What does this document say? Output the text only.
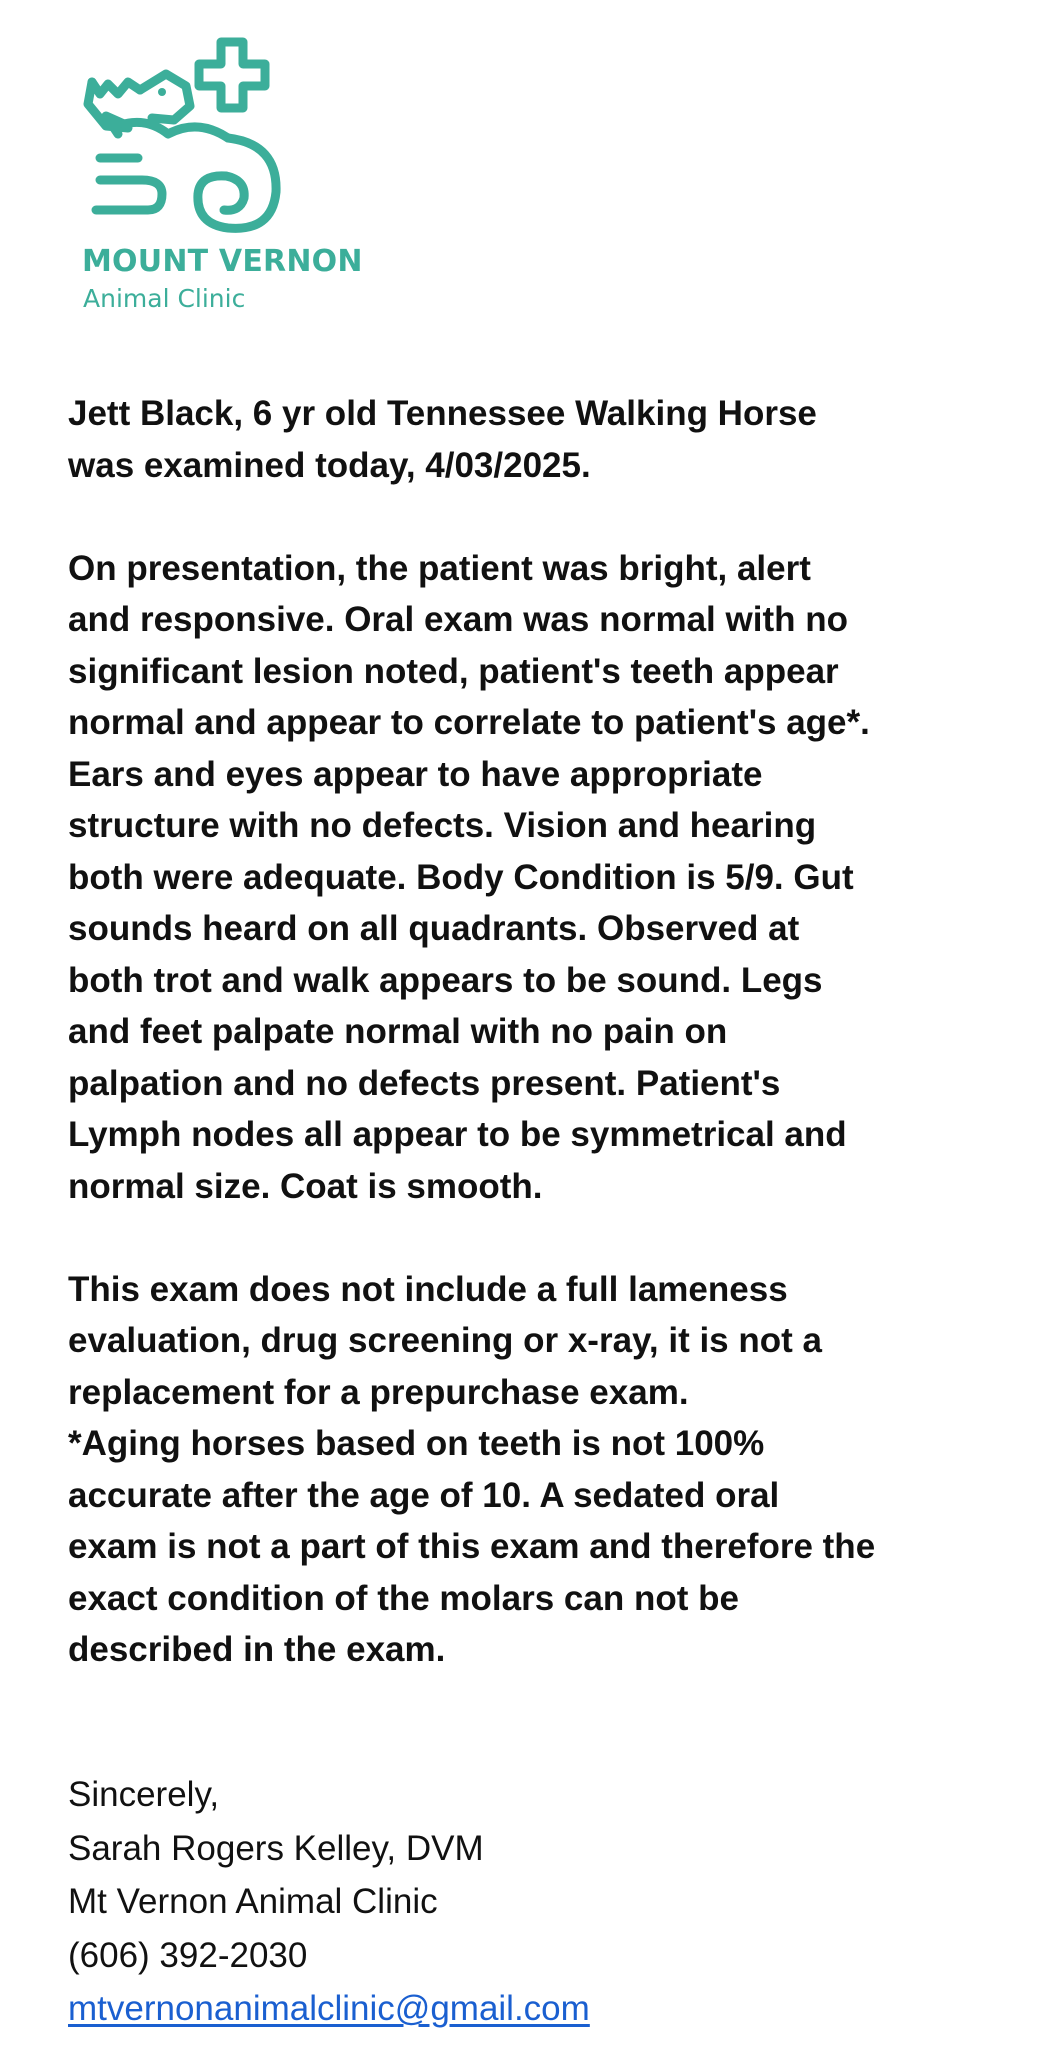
MOUNT VERNON
Animal Clinic

Jett Black, 6 yr old Tennessee Walking Horse
was examined today, 4/03/2025.

On presentation, the patient was bright, alert
and responsive. Oral exam was normal with no
significant lesion noted, patient's teeth appear
normal and appear to correlate to patient's age*.
Ears and eyes appear to have appropriate
structure with no defects. Vision and hearing
both were adequate. Body Condition is 5/9. Gut
sounds heard on all quadrants. Observed at
both trot and walk appears to be sound. Legs
and feet palpate normal with no pain on
palpation and no defects present. Patient's
Lymph nodes all appear to be symmetrical and
normal size. Coat is smooth.

This exam does not include a full lameness
evaluation, drug screening or x-ray, it is not a
replacement for a prepurchase exam.

*Aging horses based on teeth is not 100%
accurate after the age of 10. A sedated oral
exam is not a part of this exam and therefore the
exact condition of the molars can not be
described in the exam.

Sincerely,
Sarah Rogers Kelley, DVM
Mt Vernon Animal Clinic
(606) 392-2030
mtvernonanimalclinic@gmail.com
